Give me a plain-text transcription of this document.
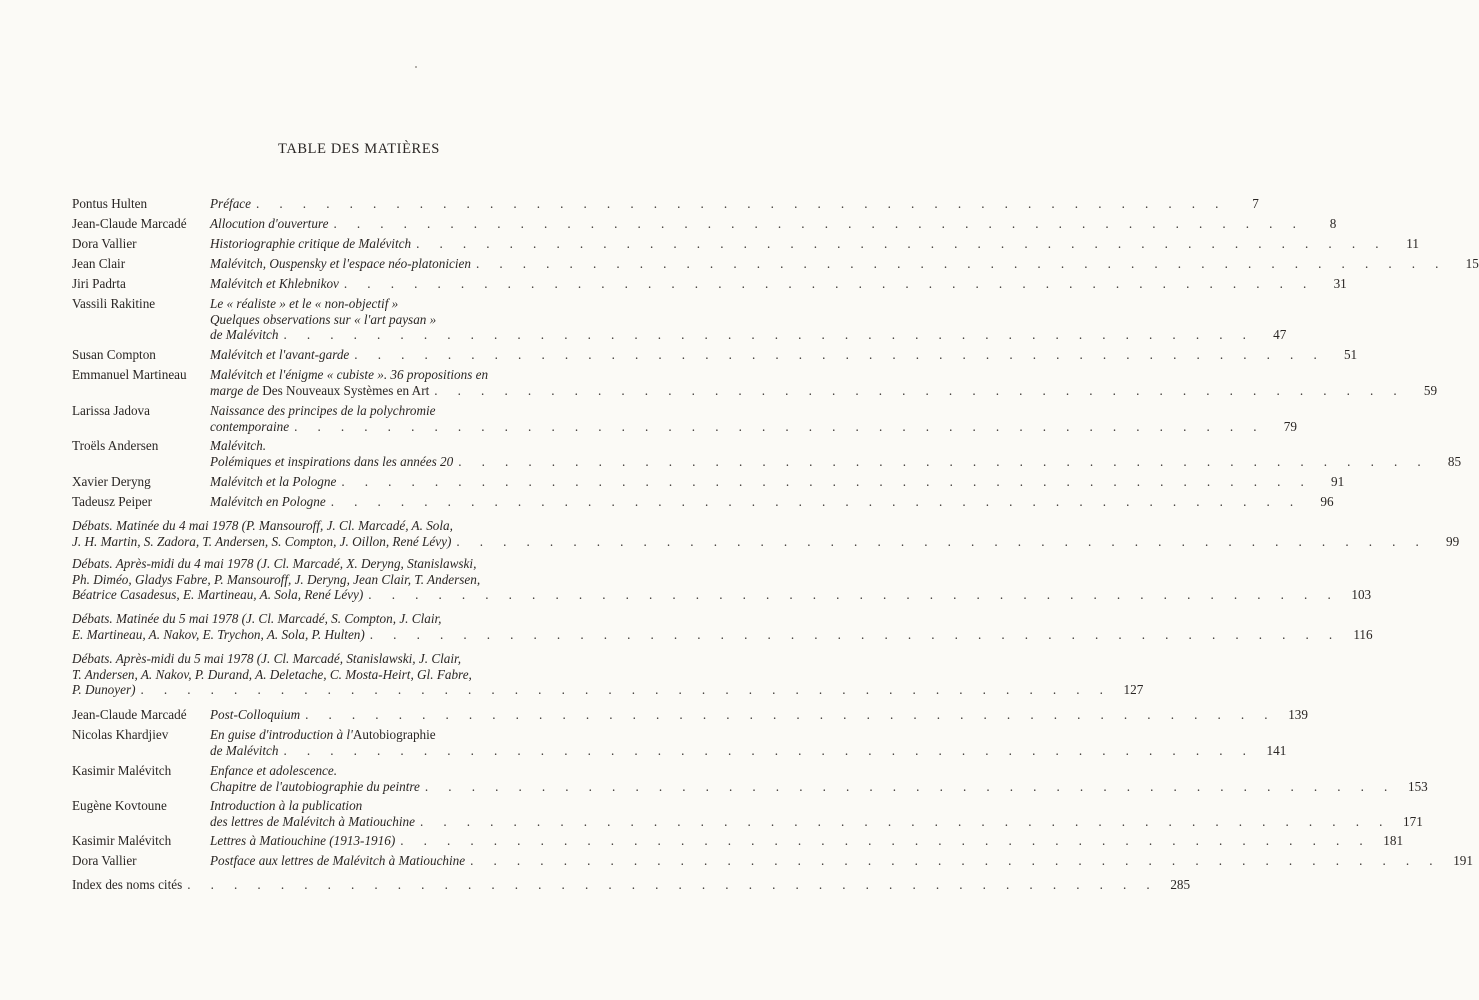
TABLE DES MATIÈRES
Pontus Hulten	Préface . . . . . . . . . . . . . . . . . . . . . . . . . . . . . . . . . . . . . . . . . .	7
Jean-Claude Marcadé	Allocution d'ouverture . . . . . . . . . . . . . . . . . . . . . . . . . . . . . . . . . . . . . . . . . .	8
Dora Vallier	Historiographie critique de Malévitch . . . . . . . . . . . . . . . . . . . . . . . . . . . . . . . . . . . . . . . . . .	11
Jean Clair	Malévitch, Ouspensky et l'espace néo-platonicien . . . . . . . . . . . . . . . . . . . . . . . . . . . . . . . . . . . . . . . . . .	15
Jiri Padrta	Malévitch et Khlebnikov . . . . . . . . . . . . . . . . . . . . . . . . . . . . . . . . . . . . . . . . . .	31
Vassili Rakitine	Le « réaliste » et le « non-objectif »
Quelques observations sur « l'art paysan »
de Malévitch . . . . . . . . . . . . . . . . . . . . . . . . . . . . . . . . . . . . . . . . . .	47
Susan Compton	Malévitch et l'avant-garde . . . . . . . . . . . . . . . . . . . . . . . . . . . . . . . . . . . . . . . . . .	51
Emmanuel Martineau	Malévitch et l'énigme « cubiste ». 36 propositions en
marge de Des Nouveaux Systèmes en Art . . . . . . . . . . . . . . . . . . . . . . . . . . . . . . . . . . . . . . . . . .	59
Larissa Jadova	Naissance des principes de la polychromie
contemporaine . . . . . . . . . . . . . . . . . . . . . . . . . . . . . . . . . . . . . . . . . .	79
Troëls Andersen	Malévitch.
Polémiques et inspirations dans les années 20 . . . . . . . . . . . . . . . . . . . . . . . . . . . . . . . . . . . . . . . . . .	85
Xavier Deryng	Malévitch et la Pologne . . . . . . . . . . . . . . . . . . . . . . . . . . . . . . . . . . . . . . . . . .	91
Tadeusz Peiper	Malévitch en Pologne . . . . . . . . . . . . . . . . . . . . . . . . . . . . . . . . . . . . . . . . . .	96
Débats. Matinée du 4 mai 1978 (P. Mansouroff, J. Cl. Marcadé, A. Sola,
J. H. Martin, S. Zadora, T. Andersen, S. Compton, J. Oillon, René Lévy) . . . . . . . . . . . . . . . . . . . . . . . . . . . . . . . . . . . . . . . . . .	99
Débats. Après-midi du 4 mai 1978 (J. Cl. Marcadé, X. Deryng, Stanislawski,
Ph. Diméo, Gladys Fabre, P. Mansouroff, J. Deryng, Jean Clair, T. Andersen,
Béatrice Casadesus, E. Martineau, A. Sola, René Lévy) . . . . . . . . . . . . . . . . . . . . . . . . . . . . . . . . . . . . . . . . . . 103
Débats. Matinée du 5 mai 1978 (J. Cl. Marcadé, S. Compton, J. Clair,
E. Martineau, A. Nakov, E. Trychon, A. Sola, P. Hulten) . . . . . . . . . . . . . . . . . . . . . . . . . . . . . . . . . . . . . . . . . . 116
Débats. Après-midi du 5 mai 1978 (J. Cl. Marcadé, Stanislawski, J. Clair,
T. Andersen, A. Nakov, P. Durand, A. Deletache, C. Mosta-Heirt, Gl. Fabre,
P. Dunoyer) . . . . . . . . . . . . . . . . . . . . . . . . . . . . . . . . . . . . . . . . . . 127
Jean-Claude Marcadé	Post-Colloquium . . . . . . . . . . . . . . . . . . . . . . . . . . . . . . . . . . . . . . . . . . 139
Nicolas Khardjiev	En guise d'introduction à l'Autobiographie
de Malévitch . . . . . . . . . . . . . . . . . . . . . . . . . . . . . . . . . . . . . . . . . . 141
Kasimir Malévitch	Enfance et adolescence.
Chapitre de l'autobiographie du peintre . . . . . . . . . . . . . . . . . . . . . . . . . . . . . . . . . . . . . . . . . . 153
Eugène Kovtoune	Introduction à la publication
des lettres de Malévitch à Matiouchine . . . . . . . . . . . . . . . . . . . . . . . . . . . . . . . . . . . . . . . . . . 171
Kasimir Malévitch	Lettres à Matiouchine (1913-1916) . . . . . . . . . . . . . . . . . . . . . . . . . . . . . . . . . . . . . . . . . . 181
Dora Vallier	Postface aux lettres de Malévitch à Matiouchine . . . . . . . . . . . . . . . . . . . . . . . . . . . . . . . . . . . . . . . . . . 191
Index des noms cités . . . . . . . . . . . . . . . . . . . . . . . . . . . . . . . . . . . . . . . . . . 285
